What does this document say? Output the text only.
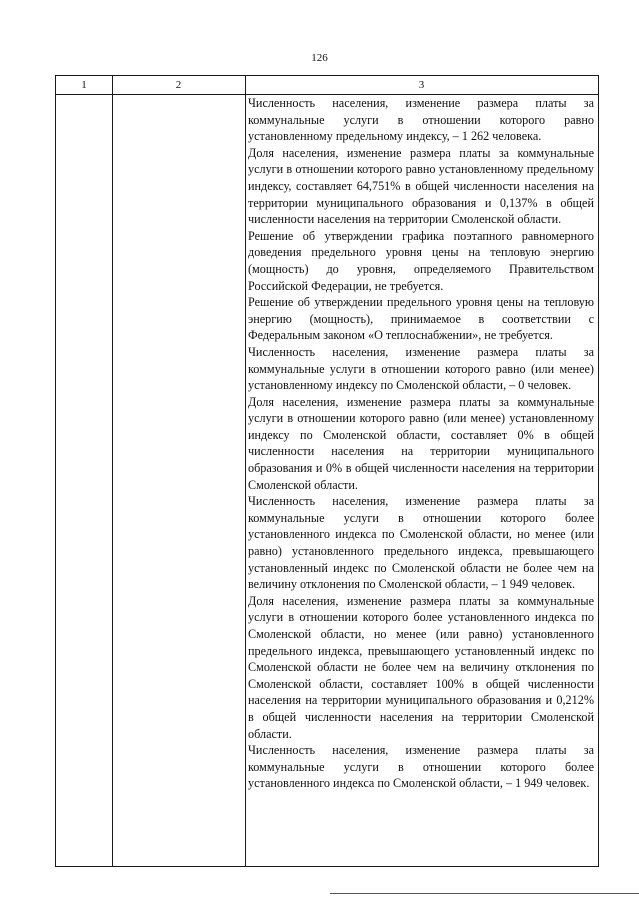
126
1	2	3

Численность населения, изменение размера платы за коммунальные услуги в отношении которого равно установленному предельному индексу, – 1 262 человека.

Доля населения, изменение размера платы за коммунальные услуги в отношении которого равно установленному предельному индексу, составляет 64,751% в общей численности населения на территории муниципального образования и 0,137% в общей численности населения на территории Смоленской области.

Решение об утверждении графика поэтапного равномерного доведения предельного уровня цены на тепловую энергию (мощность) до уровня, определяемого Правительством Российской Федерации, не требуется.

Решение об утверждении предельного уровня цены на тепловую энергию (мощность), принимаемое в соответствии с Федеральным законом «О теплоснабжении», не требуется.

Численность населения, изменение размера платы за коммунальные услуги в отношении которого равно (или менее) установленному индексу по Смоленской области, – 0 человек.

Доля населения, изменение размера платы за коммунальные услуги в отношении которого равно (или менее) установленному индексу по Смоленской области, составляет 0% в общей численности населения на территории муниципального образования и 0% в общей численности населения на территории Смоленской области.

Численность населения, изменение размера платы за коммунальные услуги в отношении которого более установленного индекса по Смоленской области, но менее (или равно) установленного предельного индекса, превышающего установленный индекс по Смоленской области не более чем на величину отклонения по Смоленской области, – 1 949 человек.

Доля населения, изменение размера платы за коммунальные услуги в отношении которого более установленного индекса по Смоленской области, но менее (или равно) установленного предельного индекса, превышающего установленный индекс по Смоленской области не более чем на величину отклонения по Смоленской области, составляет 100% в общей численности населения на территории муниципального образования и 0,212% в общей численности населения на территории Смоленской области.

Численность населения, изменение размера платы за коммунальные услуги в отношении которого более установленного индекса по Смоленской области, – 1 949 человек.
